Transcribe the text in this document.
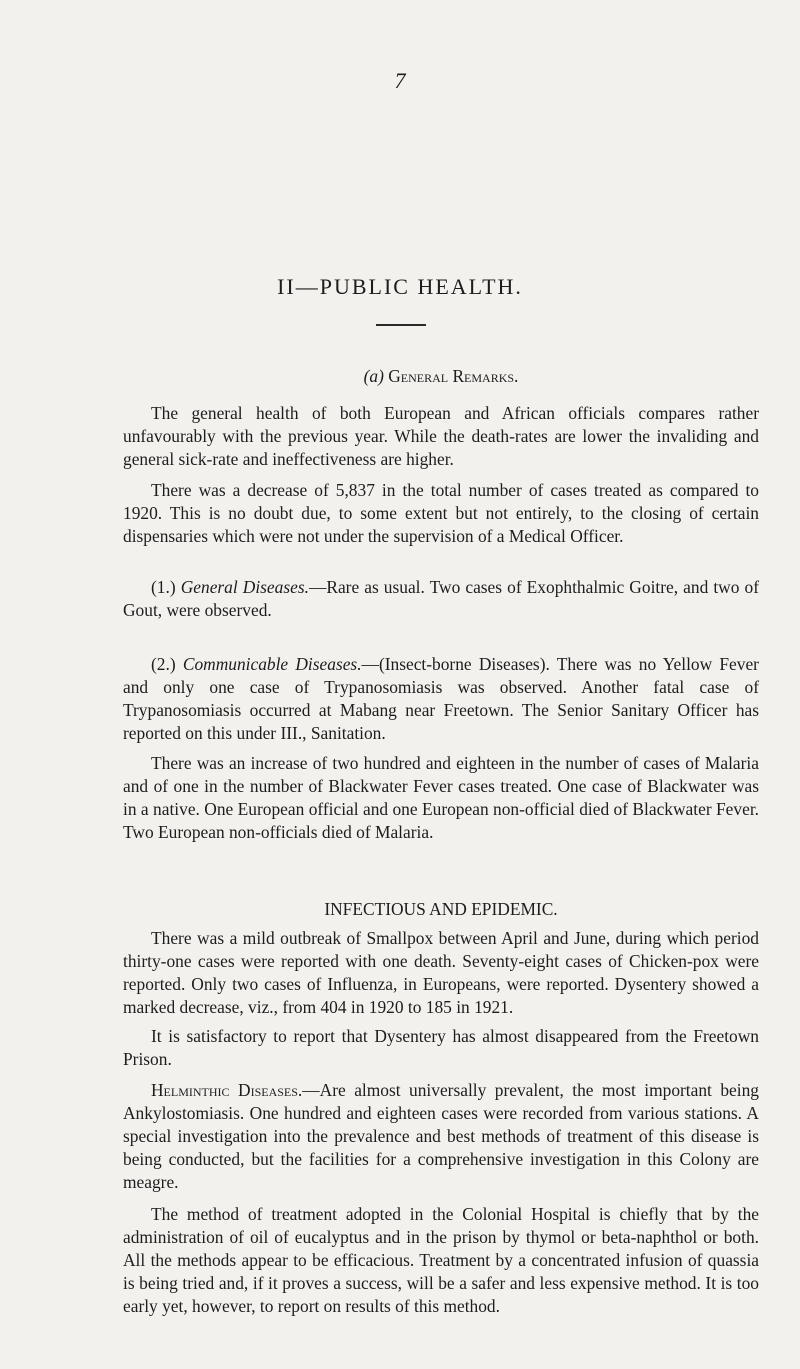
7
II—PUBLIC HEALTH.

(a) General Remarks.

The general health of both European and African officials compares rather unfavourably with the previous year. While the death-rates are lower the invaliding and general sick-rate and ineffectiveness are higher.

There was a decrease of 5,837 in the total number of cases treated as compared to 1920. This is no doubt due, to some extent but not entirely, to the closing of certain dispensaries which were not under the supervision of a Medical Officer.

(1.) General Diseases.—Rare as usual. Two cases of Exophthalmic Goitre, and two of Gout, were observed.

(2.) Communicable Diseases.—(Insect-borne Diseases). There was no Yellow Fever and only one case of Trypanosomiasis was observed. Another fatal case of Trypanosomiasis occurred at Mabang near Freetown. The Senior Sanitary Officer has reported on this under III., Sanitation.

There was an increase of two hundred and eighteen in the number of cases of Malaria and of one in the number of Blackwater Fever cases treated. One case of Blackwater was in a native. One European official and one European non-official died of Blackwater Fever. Two European non-officials died of Malaria.

INFECTIOUS AND EPIDEMIC.

There was a mild outbreak of Smallpox between April and June, during which period thirty-one cases were reported with one death. Seventy-eight cases of Chicken-pox were reported. Only two cases of Influenza, in Europeans, were reported. Dysentery showed a marked decrease, viz., from 404 in 1920 to 185 in 1921.

It is satisfactory to report that Dysentery has almost disappeared from the Freetown Prison.

Helminthic Diseases.—Are almost universally prevalent, the most important being Ankylostomiasis. One hundred and eighteen cases were recorded from various stations. A special investigation into the prevalence and best methods of treatment of this disease is being conducted, but the facilities for a comprehensive investigation in this Colony are meagre.

The method of treatment adopted in the Colonial Hospital is chiefly that by the administration of oil of eucalyptus and in the prison by thymol or beta-naphthol or both. All the methods appear to be efficacious. Treatment by a concentrated infusion of quassia is being tried and, if it proves a success, will be a safer and less expensive method. It is too early yet, however, to report on results of this method.
